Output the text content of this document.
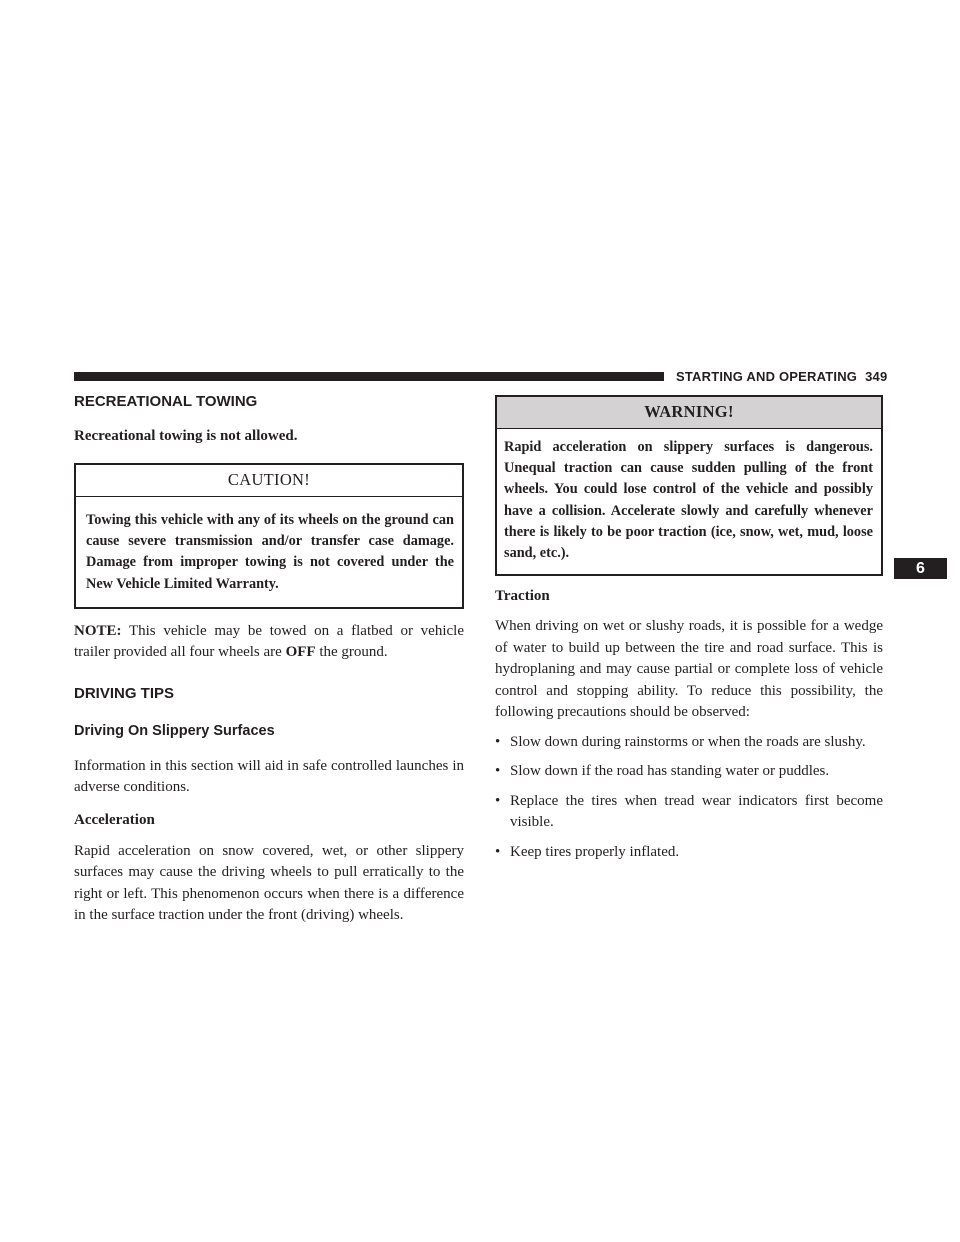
STARTING AND OPERATING 349
6
RECREATIONAL TOWING

Recreational towing is not allowed.

CAUTION!
Towing this vehicle with any of its wheels on the ground can cause severe transmission and/or transfer case damage. Damage from improper towing is not covered under the New Vehicle Limited Warranty.

NOTE: This vehicle may be towed on a flatbed or vehicle trailer provided all four wheels are OFF the ground.

DRIVING TIPS
Driving On Slippery Surfaces

Information in this section will aid in safe controlled launches in adverse conditions.

Acceleration

Rapid acceleration on snow covered, wet, or other slippery surfaces may cause the driving wheels to pull erratically to the right or left. This phenomenon occurs when there is a difference in the surface traction under the front (driving) wheels.

WARNING!
Rapid acceleration on slippery surfaces is dangerous. Unequal traction can cause sudden pulling of the front wheels. You could lose control of the vehicle and possibly have a collision. Accelerate slowly and carefully whenever there is likely to be poor traction (ice, snow, wet, mud, loose sand, etc.).
Traction

When driving on wet or slushy roads, it is possible for a wedge of water to build up between the tire and road surface. This is hydroplaning and may cause partial or complete loss of vehicle control and stopping ability. To reduce this possibility, the following precautions should be observed:

• Slow down during rainstorms or when the roads are slushy.
• Slow down if the road has standing water or puddles.
• Replace the tires when tread wear indicators first become visible.
• Keep tires properly inflated.
